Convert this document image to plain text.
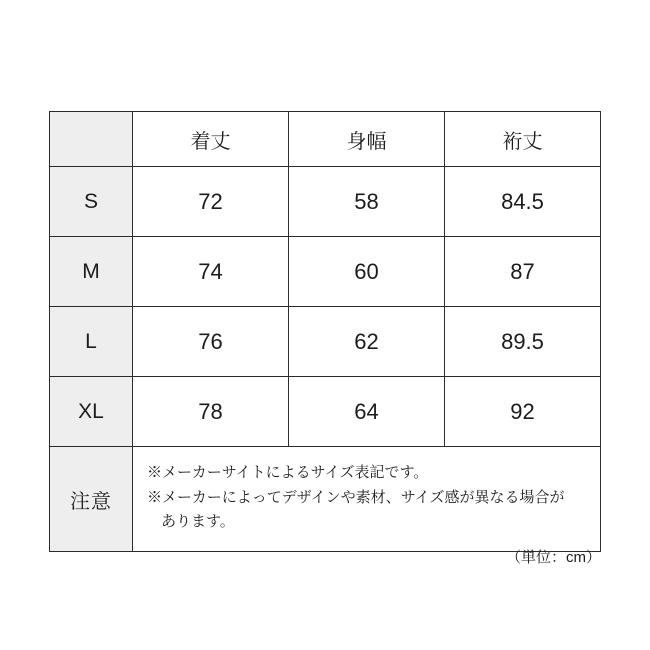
	着丈	身幅	裄丈
S	72	58	84.5
M	74	60	87
L	76	62	89.5
XL	78	64	92
注意	※メーカーサイトによるサイズ表記です。
※メーカーによってデザインや素材、サイズ感が異なる場合が
あります。		
（単位：cm）
